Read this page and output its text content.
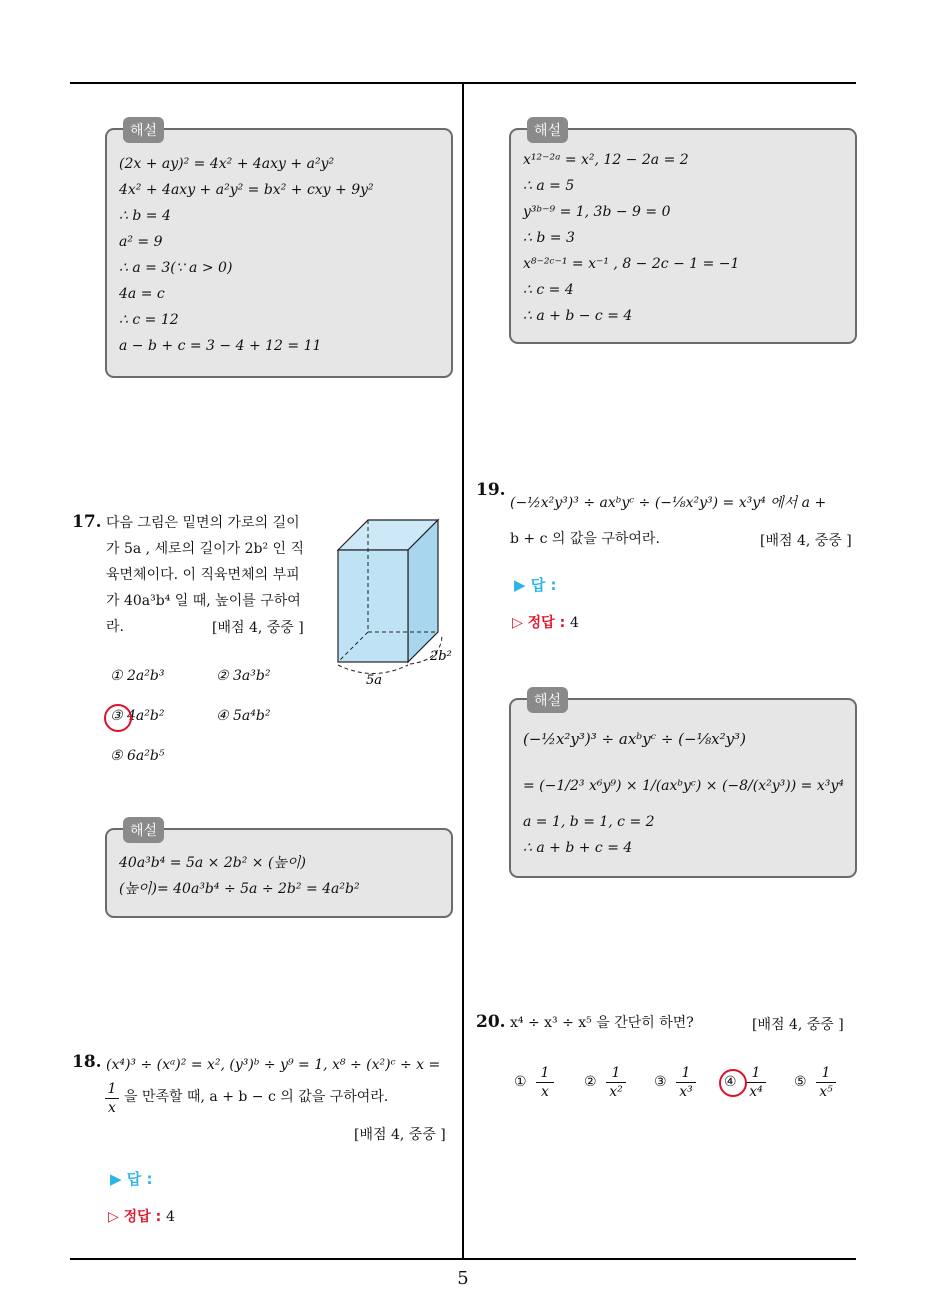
해설
(2x + ay)² = 4x² + 4axy + a²y²
4x² + 4axy + a²y² = bx² + cxy + 9y²
∴ b = 4
a² = 9
∴ a = 3(∵ a > 0)
4a = c
∴ c = 12
a − b + c = 3 − 4 + 12 = 11
17. 다음 그림은 밑면의 가로의 길이
가 5a , 세로의 길이가 2b² 인 직
육면체이다. 이 직육면체의 부피
가 40a³b⁴ 일 때, 높이를 구하여
라.	[배점 4, 중중 ]
5a
2b²
① 2a²b³	② 3a³b²
③ 4a²b²	④ 5a⁴b²
⑤ 6a²b⁵
해설
40a³b⁴ = 5a × 2b² × (높이)
(높이)= 40a³b⁴ ÷ 5a ÷ 2b² = 4a²b²
18. (x⁴)³ ÷ (xᵃ)² = x², (y³)ᵇ ÷ y⁹ = 1, x⁸ ÷ (x²)ᶜ ÷ x =
$\frac{1}{x}$ 을 만족할 때, a + b − c 의 값을 구하여라.
[배점 4, 중중 ]
▶ 답 :
▷ 정답 : 4
해설
x¹²⁻²ᵃ = x², 12 − 2a = 2
∴ a = 5
y³ᵇ⁻⁹ = 1, 3b − 9 = 0
∴ b = 3
x⁸⁻²ᶜ⁻¹ = x⁻¹ , 8 − 2c − 1 = −1
∴ c = 4
∴ a + b − c = 4
19.
(−½x²y³)³ ÷ axᵇyᶜ ÷ (−⅛x²y³) = x³y⁴ 에서 a +
b + c 의 값을 구하여라.	[배점 4, 중중 ]
▶ 답 :
▷ 정답 : 4
해설
(−½x²y³)³ ÷ axᵇyᶜ ÷ (−⅛x²y³)
= (−1/2³ x⁶y⁹) × 1/(axᵇyᶜ) × (−8/(x²y³)) = x³y⁴
a = 1, b = 1, c = 2
∴ a + b + c = 4
20. x⁴ ÷ x³ ÷ x⁵ 을 간단히 하면?	[배점 4, 중중 ]
① $\frac{1}{x}$ ② $\frac{1}{\text{x²}}$ ③ $\frac{1}{\text{x³}}$ ④ $\frac{1}{\text{x⁴}}$ ⑤ $\frac{1}{\text{x⁵}}$
5
